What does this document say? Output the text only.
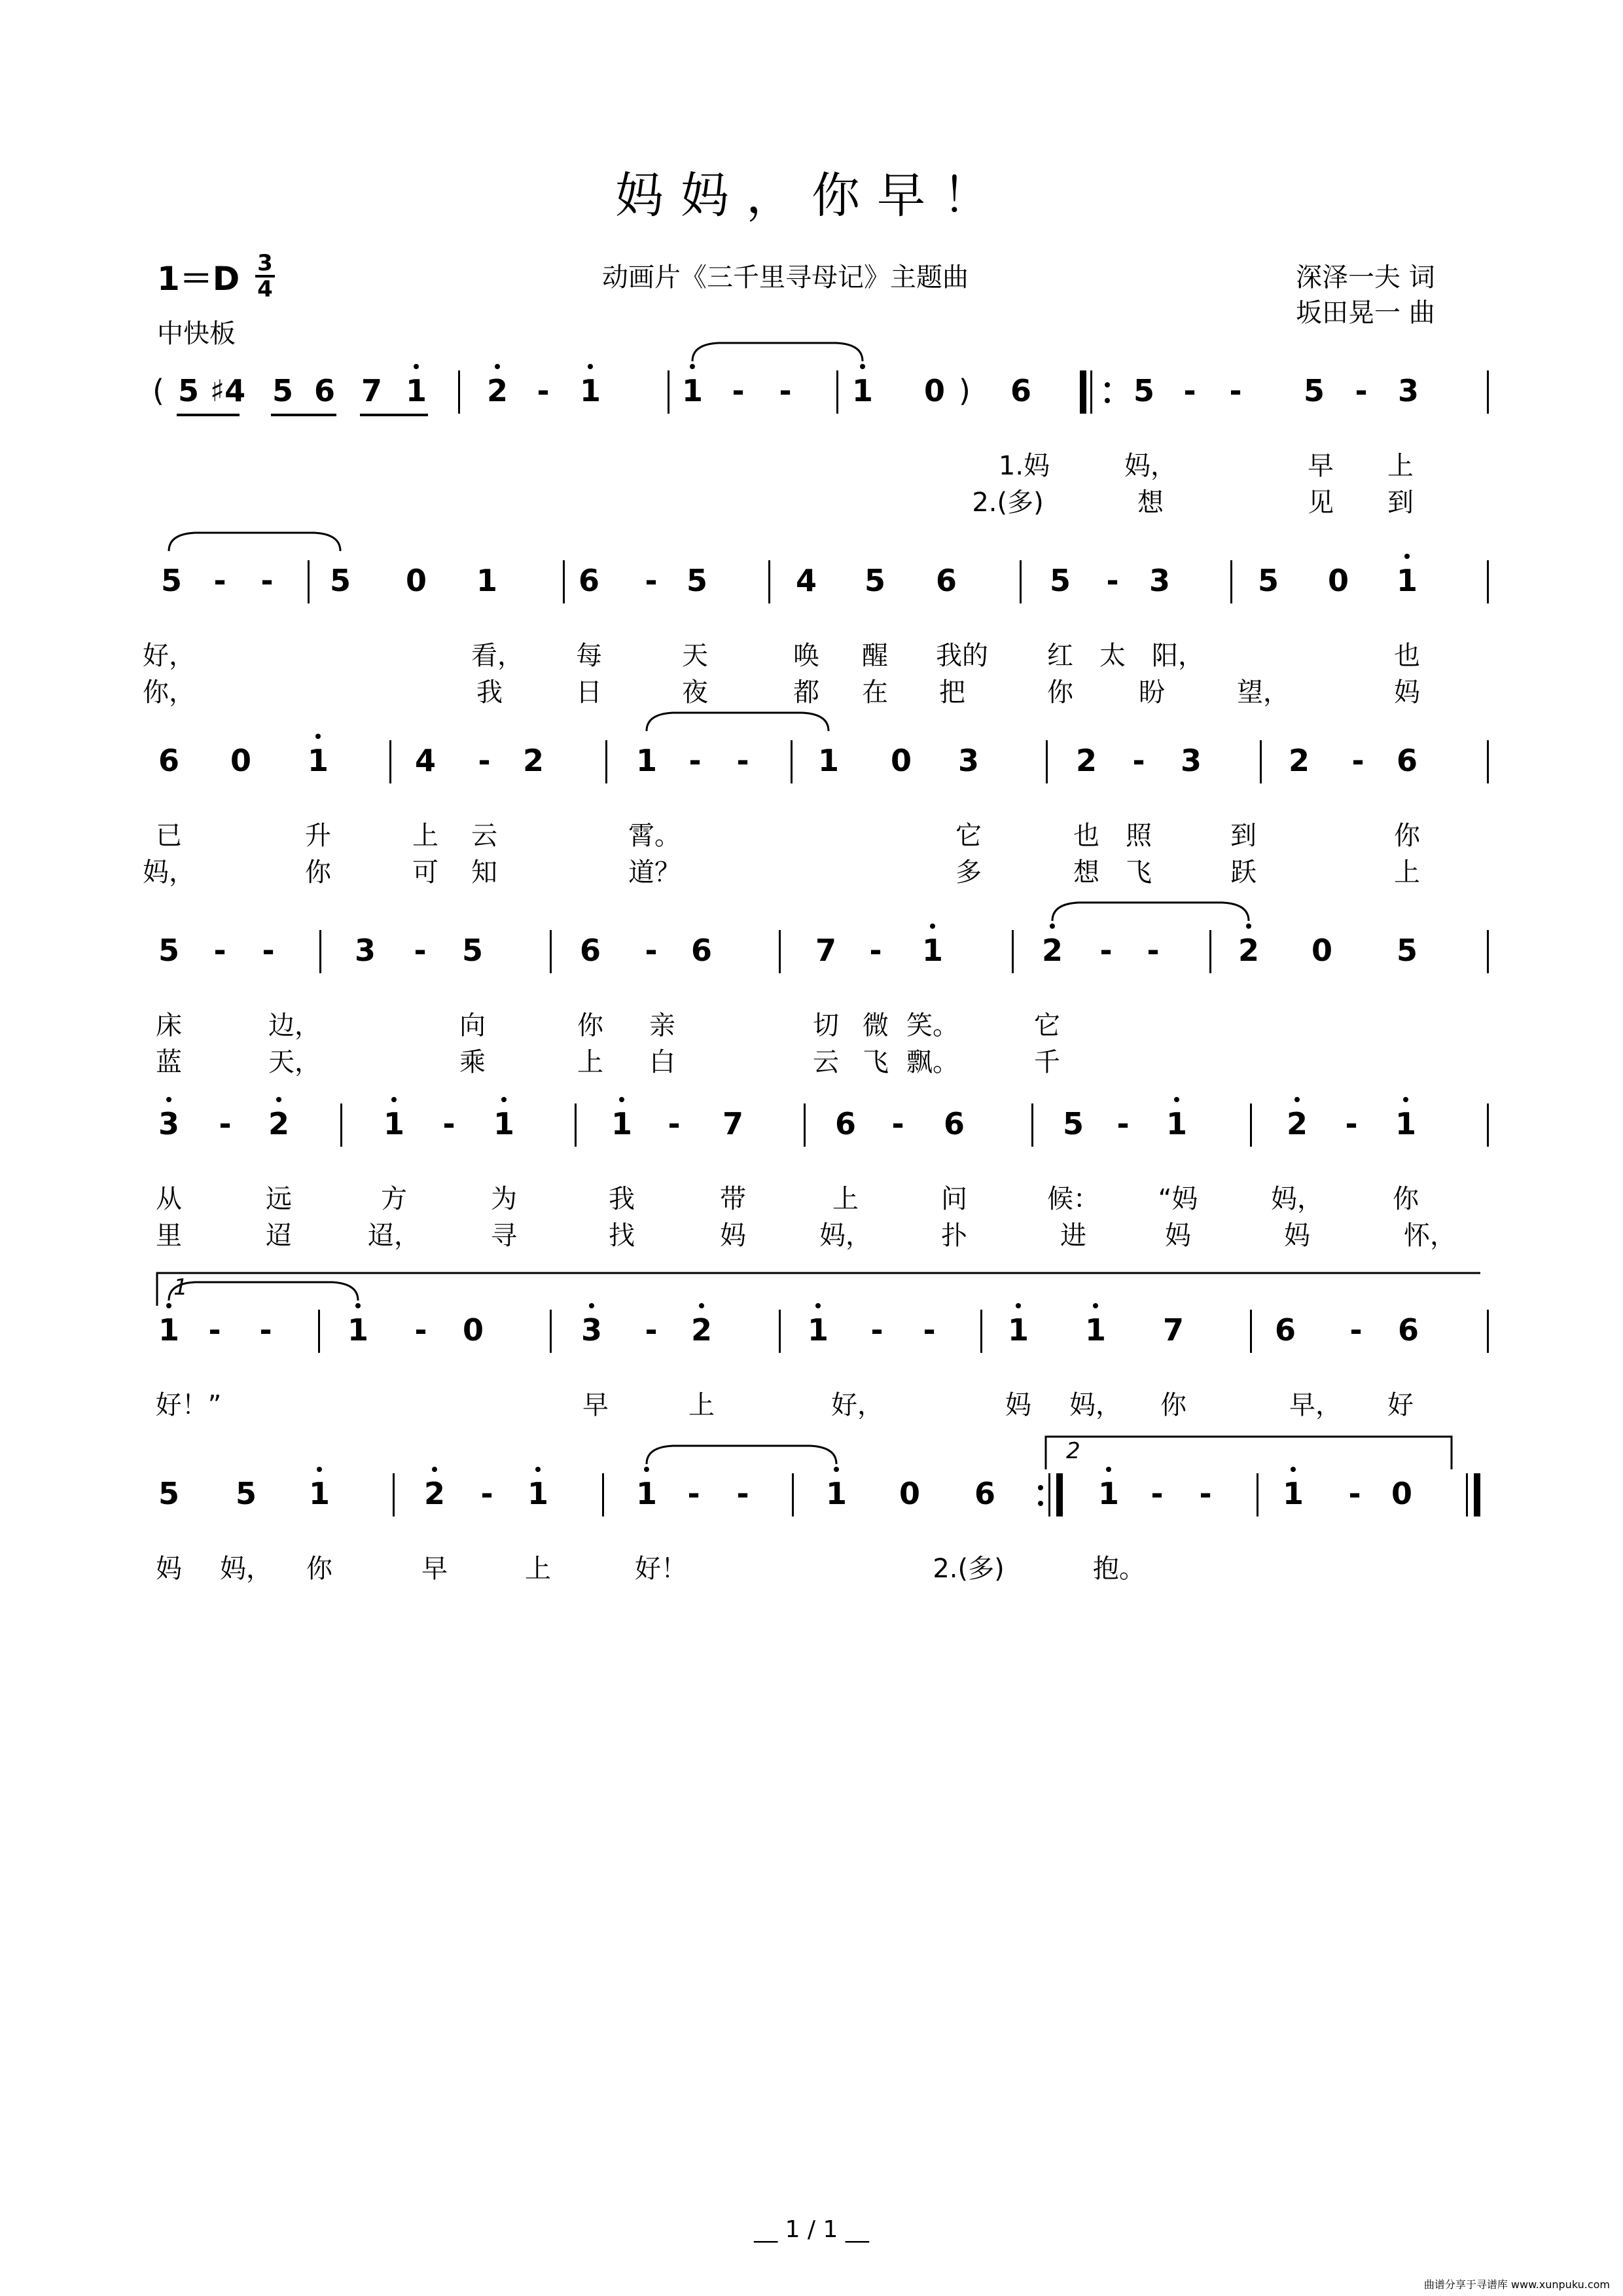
妈妈，你早！
1＝D 3
4
中快板
动画片《三千里寻母记》主题曲	深泽一夫 词
坂田晃一 曲
( 5 ♯4 5 6 7 1 2 - 1	1 - - 1 0 ) 6	5 - - 5 - 3
1.妈	妈，	早 上
2.(多)	想	见 到
5 - - 5 0 1	6 - 5	4 5 6	5 - 3	5 0 1
好，	看， 每	天	唤 醒 我的 红 太 阳，	也
你，	我	日	夜	都 在 把	你	盼	望，	妈
6 0 1	4 - 2	1 - - 1 0 3	2 - 3	2 - 6
已	升	上 云	霄。	它	也 照	到	你
妈，	你	可 知	道？	多	想 飞	跃	上
5 - -	3 - 5	6 - 6	7 - 1	2 - -	2 0 5
床	边，	向	你 亲	切 微 笑。	它
蓝	天，	乘	上 白	云 飞 飘。	千
3 - 2	1 - 1	1 - 7	6 - 6	5 - 1	2 - 1
从	远	方	为	我	带	上	问	候： “妈	妈，	你
里	迢	迢，	寻	找	妈	妈，	扑	进	妈	妈	怀，
1 - -	1 - 0	3 - 2	1 - - 1 1 7	6 - 6
好！”	早	上	好，	妈 妈， 你	早， 好
5 5 1	2 - 1	1 - -	1 0 6	1 - - 1 - 0
妈 妈， 你	早	上	好！	2.(多)	抱。
1
2
__ 1 / 1 __
曲谱分享于寻谱库 www.xunpuku.com
